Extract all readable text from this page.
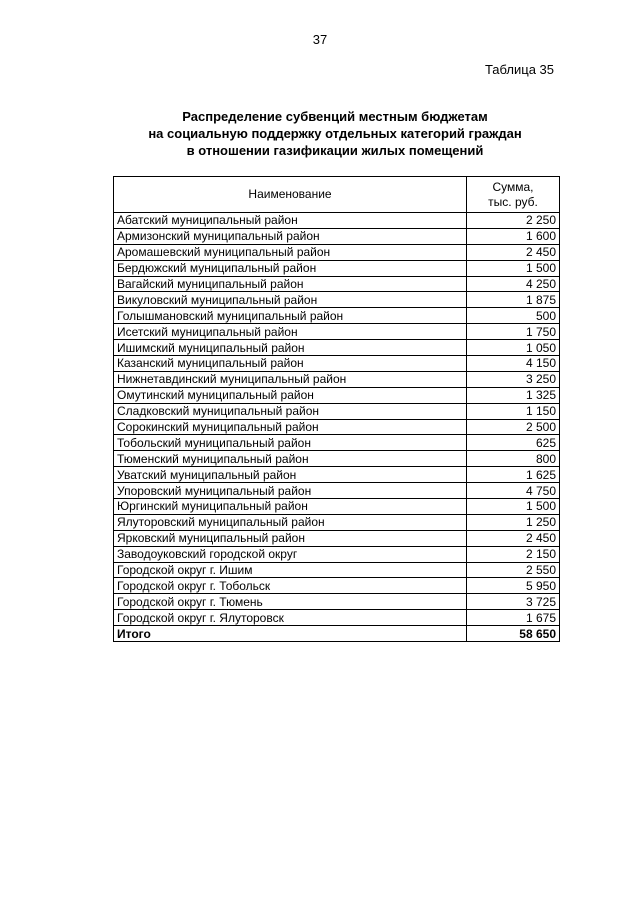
37
Таблица 35
Распределение субвенций местным бюджетам
на социальную поддержку отдельных категорий граждан
в отношении газификации жилых помещений
Наименование	Сумма,
тыс. руб.

Абатский муниципальный район	2 250
Армизонский муниципальный район	1 600
Аромашевский муниципальный район	2 450
Бердюжский муниципальный район	1 500
Вагайский муниципальный район	4 250
Викуловский муниципальный район	1 875
Голышмановский муниципальный район	500
Исетский муниципальный район	1 750
Ишимский муниципальный район	1 050
Казанский муниципальный район	4 150
Нижнетавдинский муниципальный район	3 250
Омутинский муниципальный район	1 325
Сладковский муниципальный район	1 150
Сорокинский муниципальный район	2 500
Тобольский муниципальный район	625
Тюменский муниципальный район	800
Уватский муниципальный район	1 625
Упоровский муниципальный район	4 750
Юргинский муниципальный район	1 500
Ялуторовский муниципальный район	1 250
Ярковский муниципальный район	2 450
Заводоуковский городской округ	2 150
Городской округ г. Ишим	2 550
Городской округ г. Тобольск	5 950
Городской округ г. Тюмень	3 725
Городской округ г. Ялуторовск	1 675
Итого	58 650
